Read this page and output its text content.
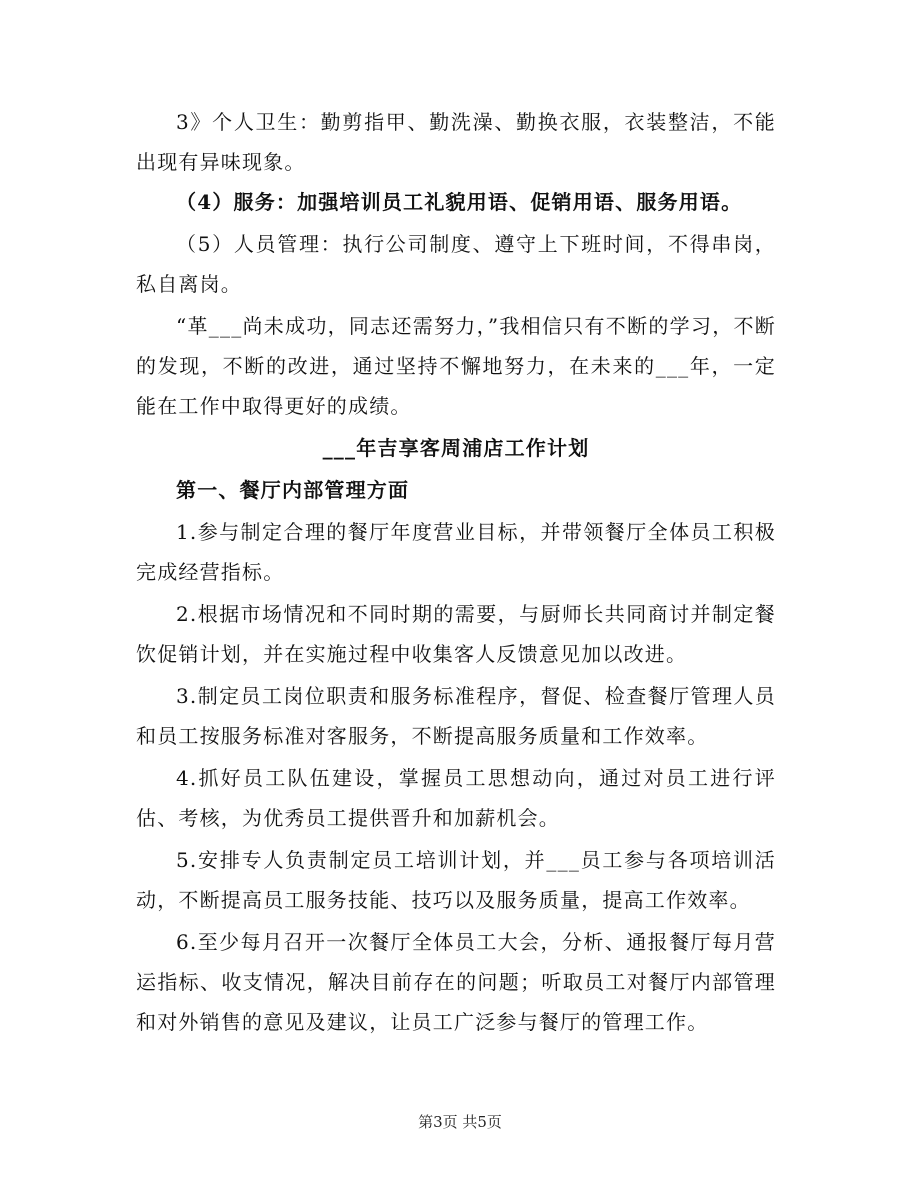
3》个人卫生：勤剪指甲、勤洗澡、勤换衣服，衣装整洁，不能出现有异味现象。

（4）服务：加强培训员工礼貌用语、促销用语、服务用语。

（5）人员管理：执行公司制度、遵守上下班时间，不得串岗，私自离岗。

“革___尚未成功，同志还需努力，”我相信只有不断的学习，不断的发现，不断的改进，通过坚持不懈地努力，在未来的___年，一定能在工作中取得更好的成绩。

___年吉享客周浦店工作计划

第一、餐厅内部管理方面

1.参与制定合理的餐厅年度营业目标，并带领餐厅全体员工积极完成经营指标。

2.根据市场情况和不同时期的需要，与厨师长共同商讨并制定餐饮促销计划，并在实施过程中收集客人反馈意见加以改进。

3.制定员工岗位职责和服务标准程序，督促、检查餐厅管理人员和员工按服务标准对客服务，不断提高服务质量和工作效率。

4.抓好员工队伍建设，掌握员工思想动向，通过对员工进行评估、考核，为优秀员工提供晋升和加薪机会。

5.安排专人负责制定员工培训计划，并___员工参与各项培训活动，不断提高员工服务技能、技巧以及服务质量，提高工作效率。

6.至少每月召开一次餐厅全体员工大会，分析、通报餐厅每月营运指标、收支情况，解决目前存在的问题；听取员工对餐厅内部管理和对外销售的意见及建议，让员工广泛参与餐厅的管理工作。

第3页 共5页
